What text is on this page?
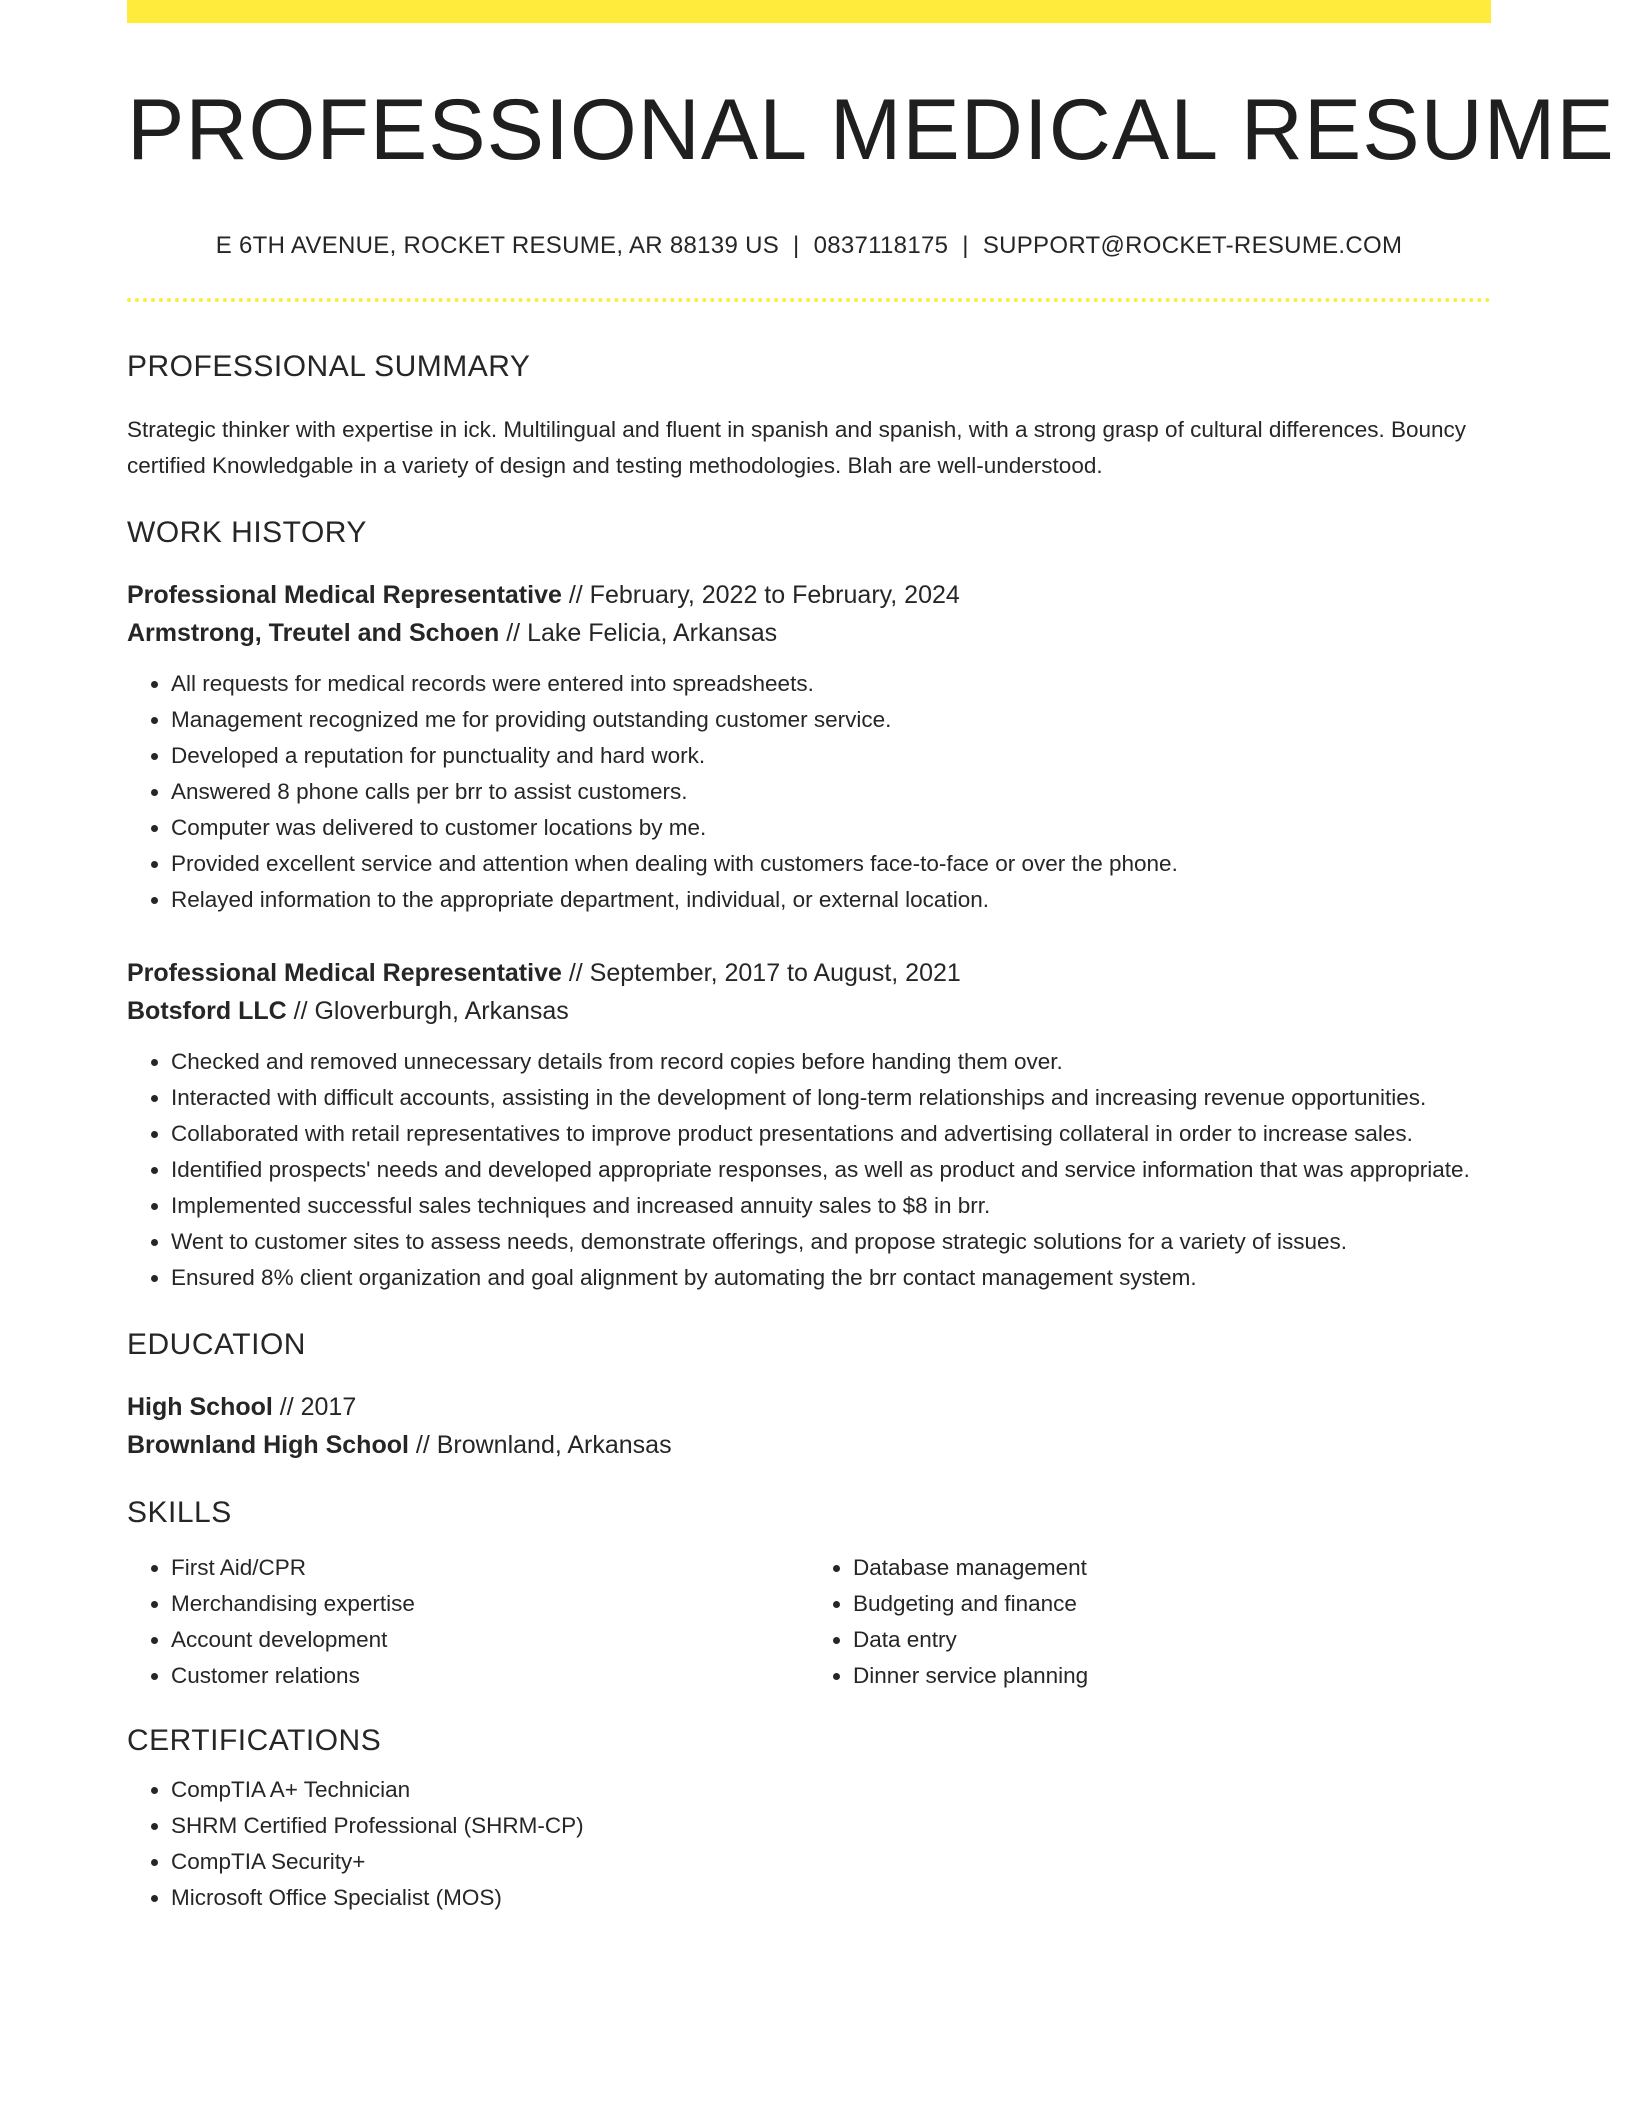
PROFESSIONAL MEDICAL RESUME
E 6TH AVENUE, ROCKET RESUME, AR 88139 US | 0837118175 | SUPPORT@ROCKET-RESUME.COM
PROFESSIONAL SUMMARY
Strategic thinker with expertise in ick. Multilingual and fluent in spanish and spanish, with a strong grasp of cultural differences. Bouncy certified Knowledgable in a variety of design and testing methodologies. Blah are well-understood.
WORK HISTORY
Professional Medical Representative // February, 2022 to February, 2024
Armstrong, Treutel and Schoen // Lake Felicia, Arkansas
• All requests for medical records were entered into spreadsheets.
• Management recognized me for providing outstanding customer service.
• Developed a reputation for punctuality and hard work.
• Answered 8 phone calls per brr to assist customers.
• Computer was delivered to customer locations by me.
• Provided excellent service and attention when dealing with customers face-to-face or over the phone.
• Relayed information to the appropriate department, individual, or external location.
Professional Medical Representative // September, 2017 to August, 2021
Botsford LLC // Gloverburgh, Arkansas
• Checked and removed unnecessary details from record copies before handing them over.
• Interacted with difficult accounts, assisting in the development of long-term relationships and increasing revenue opportunities.
• Collaborated with retail representatives to improve product presentations and advertising collateral in order to increase sales.
• Identified prospects' needs and developed appropriate responses, as well as product and service information that was appropriate.
• Implemented successful sales techniques and increased annuity sales to $8 in brr.
• Went to customer sites to assess needs, demonstrate offerings, and propose strategic solutions for a variety of issues.
• Ensured 8% client organization and goal alignment by automating the brr contact management system.
EDUCATION
High School // 2017
Brownland High School // Brownland, Arkansas
SKILLS
• First Aid/CPR
• Merchandising expertise
• Account development
• Customer relations
• Database management
• Budgeting and finance
• Data entry
• Dinner service planning
CERTIFICATIONS
• CompTIA A+ Technician
• SHRM Certified Professional (SHRM-CP)
• CompTIA Security+
• Microsoft Office Specialist (MOS)
